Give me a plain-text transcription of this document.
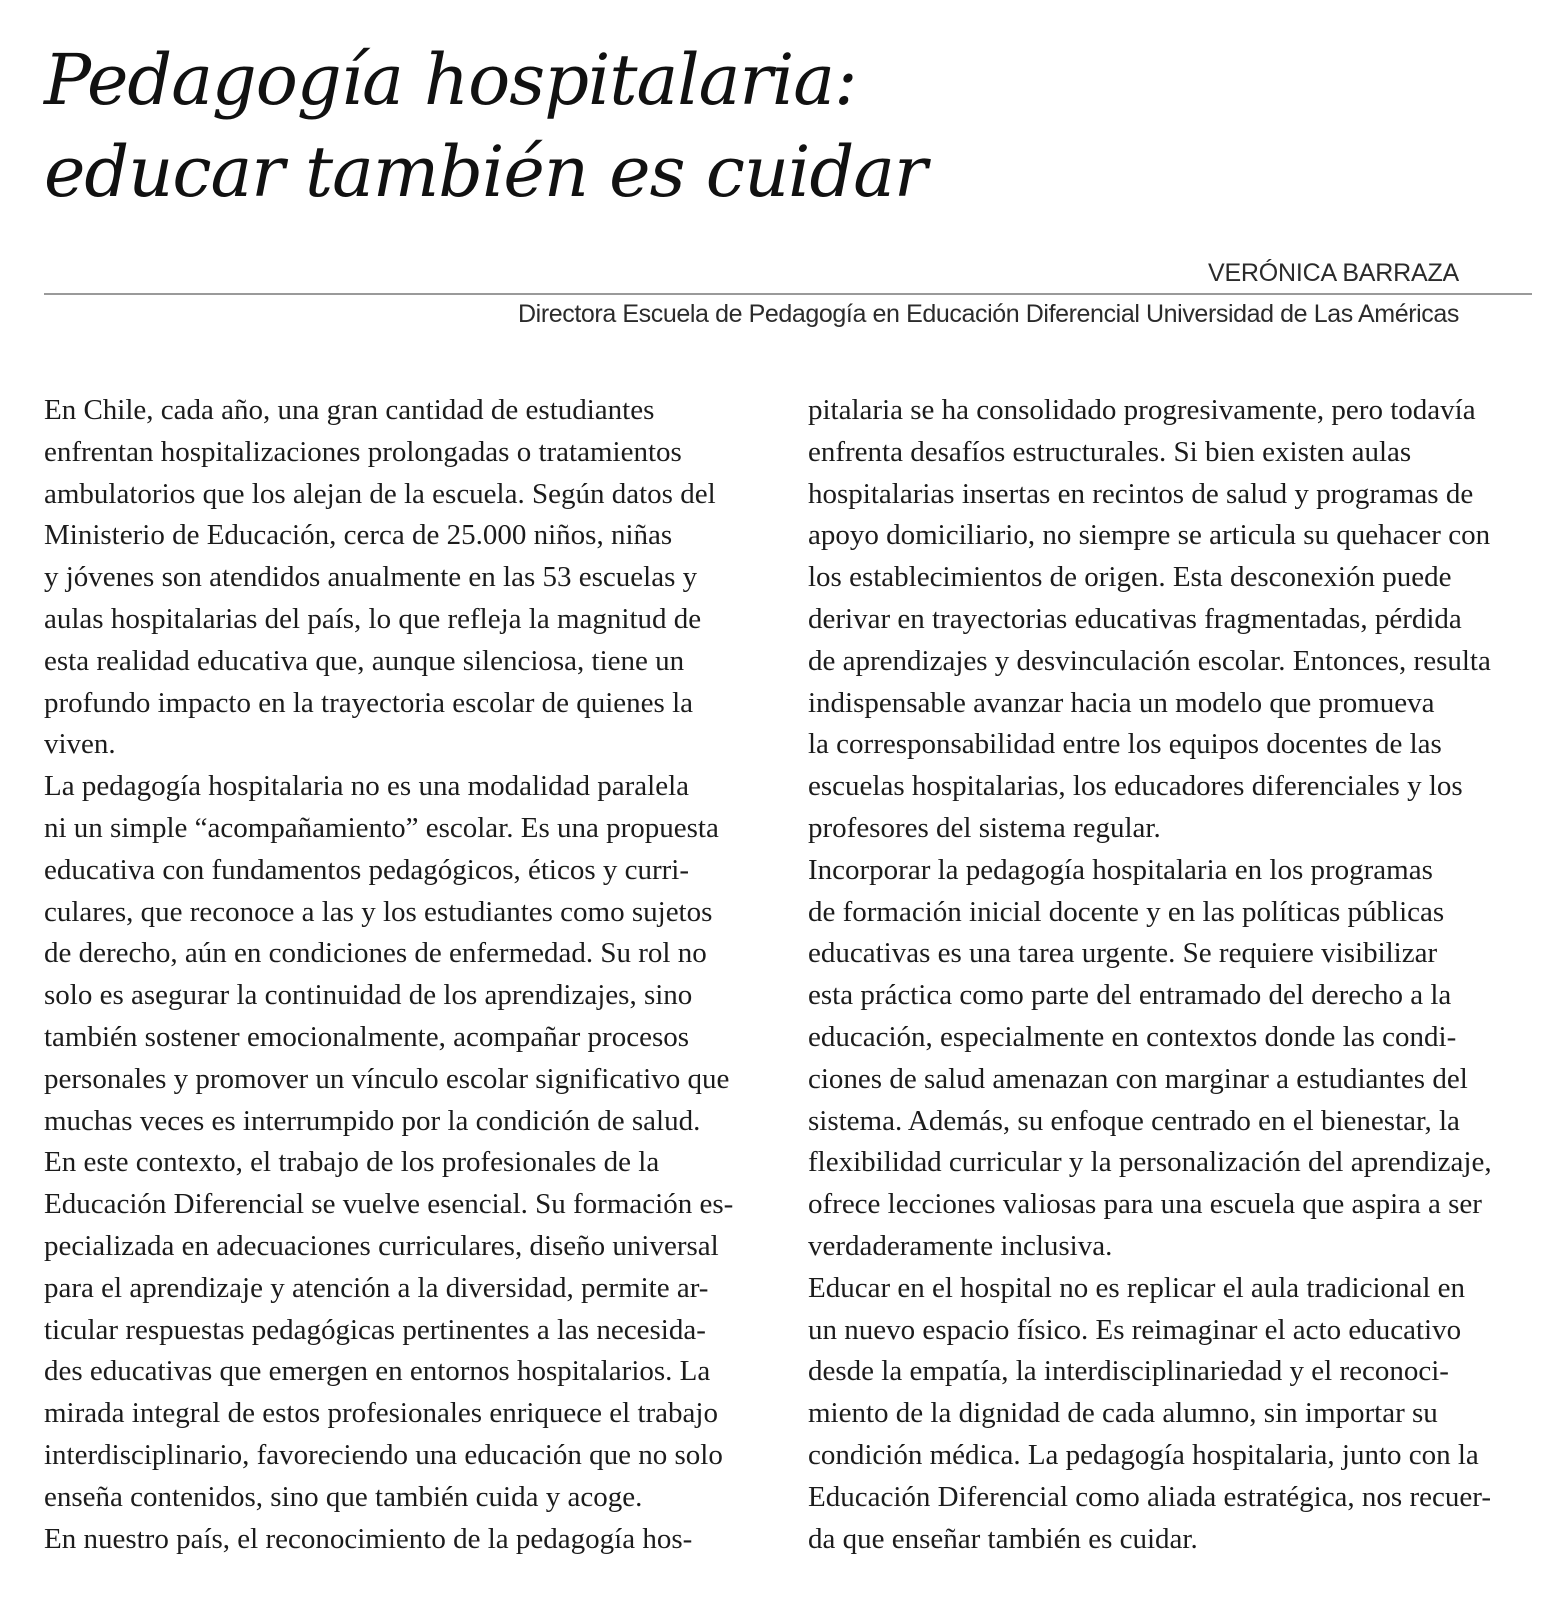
Pedagogía hospitalaria:
educar también es cuidar
VERÓNICA BARRAZA
Directora Escuela de Pedagogía en Educación Diferencial Universidad de Las Américas
En Chile, cada año, una gran cantidad de estudiantes
enfrentan hospitalizaciones prolongadas o tratamientos
ambulatorios que los alejan de la escuela. Según datos del
Ministerio de Educación, cerca de 25.000 niños, niñas
y jóvenes son atendidos anualmente en las 53 escuelas y
aulas hospitalarias del país, lo que refleja la magnitud de
esta realidad educativa que, aunque silenciosa, tiene un
profundo impacto en la trayectoria escolar de quienes la
viven.
La pedagogía hospitalaria no es una modalidad paralela
ni un simple “acompañamiento” escolar. Es una propuesta
educativa con fundamentos pedagógicos, éticos y curri-
culares, que reconoce a las y los estudiantes como sujetos
de derecho, aún en condiciones de enfermedad. Su rol no
solo es asegurar la continuidad de los aprendizajes, sino
también sostener emocionalmente, acompañar procesos
personales y promover un vínculo escolar significativo que
muchas veces es interrumpido por la condición de salud.
En este contexto, el trabajo de los profesionales de la
Educación Diferencial se vuelve esencial. Su formación es-
pecializada en adecuaciones curriculares, diseño universal
para el aprendizaje y atención a la diversidad, permite ar-
ticular respuestas pedagógicas pertinentes a las necesida-
des educativas que emergen en entornos hospitalarios. La
mirada integral de estos profesionales enriquece el trabajo
interdisciplinario, favoreciendo una educación que no solo
enseña contenidos, sino que también cuida y acoge.
En nuestro país, el reconocimiento de la pedagogía hos-
pitalaria se ha consolidado progresivamente, pero todavía
enfrenta desafíos estructurales. Si bien existen aulas
hospitalarias insertas en recintos de salud y programas de
apoyo domiciliario, no siempre se articula su quehacer con
los establecimientos de origen. Esta desconexión puede
derivar en trayectorias educativas fragmentadas, pérdida
de aprendizajes y desvinculación escolar. Entonces, resulta
indispensable avanzar hacia un modelo que promueva
la corresponsabilidad entre los equipos docentes de las
escuelas hospitalarias, los educadores diferenciales y los
profesores del sistema regular.
Incorporar la pedagogía hospitalaria en los programas
de formación inicial docente y en las políticas públicas
educativas es una tarea urgente. Se requiere visibilizar
esta práctica como parte del entramado del derecho a la
educación, especialmente en contextos donde las condi-
ciones de salud amenazan con marginar a estudiantes del
sistema. Además, su enfoque centrado en el bienestar, la
flexibilidad curricular y la personalización del aprendizaje,
ofrece lecciones valiosas para una escuela que aspira a ser
verdaderamente inclusiva.
Educar en el hospital no es replicar el aula tradicional en
un nuevo espacio físico. Es reimaginar el acto educativo
desde la empatía, la interdisciplinariedad y el reconoci-
miento de la dignidad de cada alumno, sin importar su
condición médica. La pedagogía hospitalaria, junto con la
Educación Diferencial como aliada estratégica, nos recuer-
da que enseñar también es cuidar.
